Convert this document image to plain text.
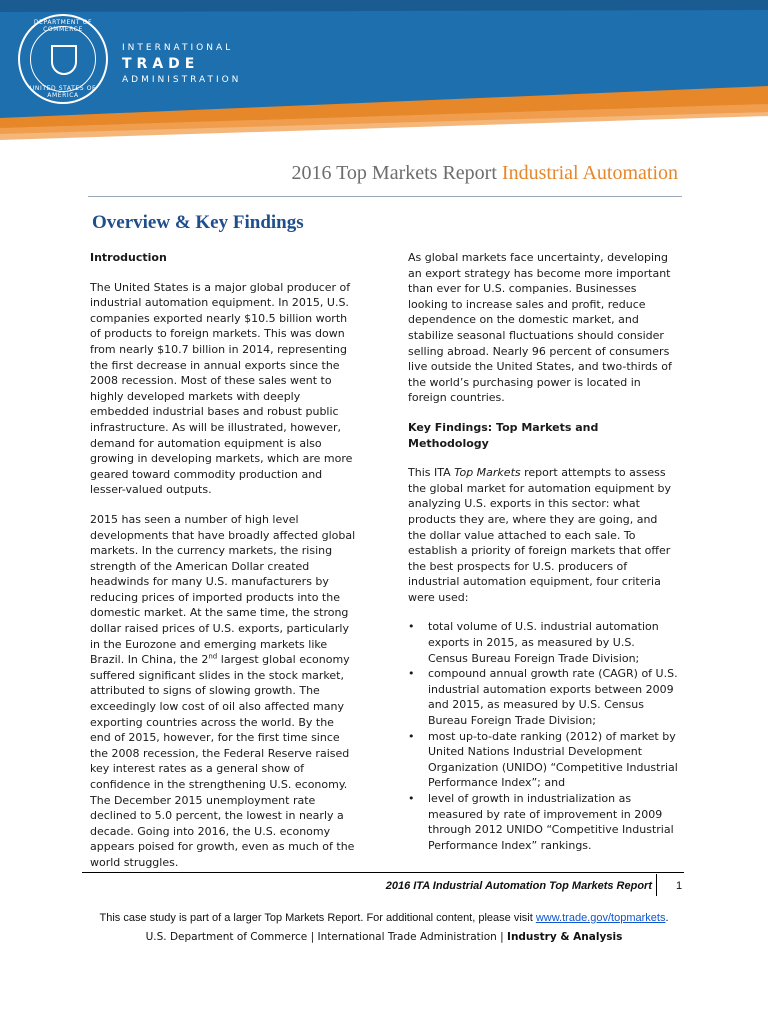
DEPARTMENT OF COMMERCE
UNITED STATES OF AMERICA
INTERNATIONAL
TRADE
ADMINISTRATION
2016 Top Markets Report Industrial Automation
Overview & Key Findings
Introduction

The United States is a major global producer of industrial automation equipment. In 2015, U.S. companies exported nearly $10.5 billion worth of products to foreign markets. This was down from nearly $10.7 billion in 2014, representing the first decrease in annual exports since the 2008 recession. Most of these sales went to highly developed markets with deeply embedded industrial bases and robust public infrastructure. As will be illustrated, however, demand for automation equipment is also growing in developing markets, which are more geared toward commodity production and lesser-valued outputs.

2015 has seen a number of high level developments that have broadly affected global markets. In the currency markets, the rising strength of the American Dollar created headwinds for many U.S. manufacturers by reducing prices of imported products into the domestic market. At the same time, the strong dollar raised prices of U.S. exports, particularly in the Eurozone and emerging markets like Brazil. In China, the 2nd largest global economy suffered significant slides in the stock market, attributed to signs of slowing growth. The exceedingly low cost of oil also affected many exporting countries across the world. By the end of 2015, however, for the first time since the 2008 recession, the Federal Reserve raised key interest rates as a general show of confidence in the strengthening U.S. economy. The December 2015 unemployment rate declined to 5.0 percent, the lowest in nearly a decade. Going into 2016, the U.S. economy appears poised for growth, even as much of the world struggles.

As global markets face uncertainty, developing an export strategy has become more important than ever for U.S. companies. Businesses looking to increase sales and profit, reduce dependence on the domestic market, and stabilize seasonal fluctuations should consider selling abroad. Nearly 96 percent of consumers live outside the United States, and two-thirds of the world’s purchasing power is located in foreign countries.

Key Findings: Top Markets and Methodology

This ITA Top Markets report attempts to assess the global market for automation equipment by analyzing U.S. exports in this sector: what products they are, where they are going, and the dollar value attached to each sale. To establish a priority of foreign markets that offer the best prospects for U.S. producers of industrial automation equipment, four criteria were used:

• total volume of U.S. industrial automation exports in 2015, as measured by U.S. Census Bureau Foreign Trade Division;
• compound annual growth rate (CAGR) of U.S. industrial automation exports between 2009 and 2015, as measured by U.S. Census Bureau Foreign Trade Division;
• most up-to-date ranking (2012) of market by United Nations Industrial Development Organization (UNIDO) “Competitive Industrial Performance Index”; and
• level of growth in industrialization as measured by rate of improvement in 2009 through 2012 UNIDO “Competitive Industrial Performance Index” rankings.
2016 ITA Industrial Automation Top Markets Report 1
This case study is part of a larger Top Markets Report. For additional content, please visit www.trade.gov/topmarkets.
U.S. Department of Commerce | International Trade Administration | Industry & Analysis
